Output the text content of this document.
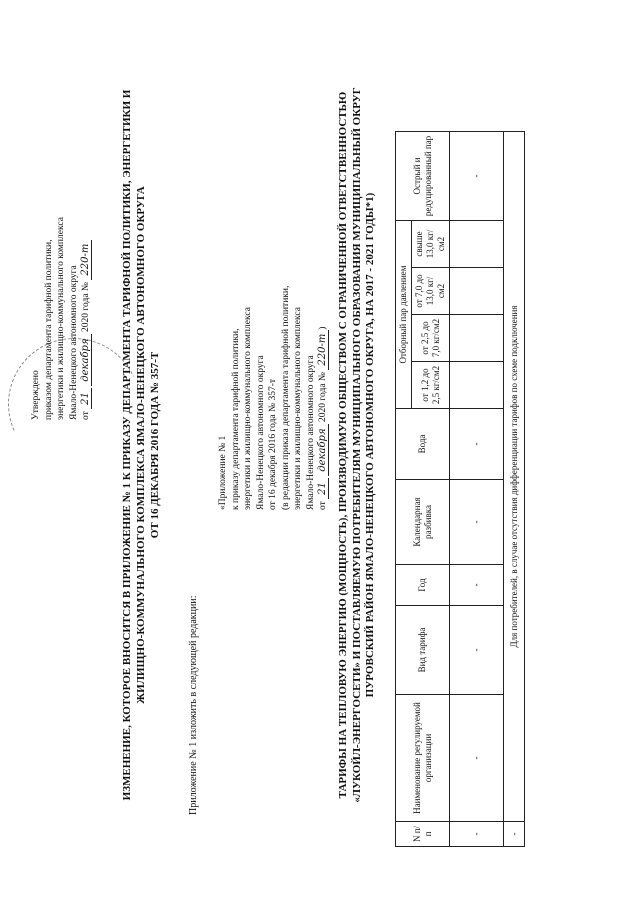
Утверждено приказом департамента тарифной политики, энергетики и жилищно-коммунального комплекса Ямало-Ненецкого автономного округа от 21 декабря 2020 года № 220-т	ИЗМЕНЕНИЕ, КОТОРОЕ ВНОСИТСЯ В ПРИЛОЖЕНИЕ № 1 К ПРИКАЗУ ДЕПАРТАМЕНТА ТАРИФНОЙ ПОЛИТИКИ, ЭНЕРГЕТИКИ И ЖИЛИЩНО-КОММУНАЛЬНОГО КОМПЛЕКСА ЯМАЛО-НЕНЕЦКОГО АВТОНОМНОГО ОКРУГА ОТ 16 ДЕКАБРЯ 2016 ГОДА № 357-Т
Приложение № 1 изложить в следующей редакции:
«Приложение № 1 к приказу департамента тарифной политики, энергетики и жилищно-коммунального комплекса Ямало-Ненецкого автономного округа от 16 декабря 2016 года № 357-т (в редакции приказа департамента тарифной политики, энергетики и жилищно-коммунального комплекса Ямало-Ненецкого автономного округа от 21 декабря 2020 года № 220-т) ТАРИФЫ НА ТЕПЛОВУЮ ЭНЕРГИЮ (МОЩНОСТЬ), ПРОИЗВОДИМУЮ ОБЩЕСТВОМ С ОГРАНИЧЕННОЙ ОТВЕТСТВЕННОСТЬЮ «ЛУКОЙЛ-ЭНЕРГОСЕТИ» И ПОСТАВЛЯЕМУЮ ПОТРЕБИТЕЛЯМ МУНИЦИПАЛЬНОГО ОБРАЗОВАНИЯ МУНИЦИПАЛЬНЫЙ ОКРУГ ПУРОВСКИЙ РАЙОН ЯМАЛО-НЕНЕЦКОГО АВТОНОМНОГО ОКРУГА, НА 2017 - 2021 ГОДЫ*1)
N п/п	Наименование регулируемой организации	Вид тарифа	Год	Календарная разбивка	Вода	Отборный пар давлением				Острый и редуцированный пар
						от 1,2 до 2,5 кг/см2	от 2,5 до 7,0 кг/см2	от 7,0 до 13,0 кг/см2	свыше 13,0 кг/см2	
-	-	-	-	-	-					-
-	Для потребителей, в случае отсутствия дифференциации тарифов по схеме подключения									
